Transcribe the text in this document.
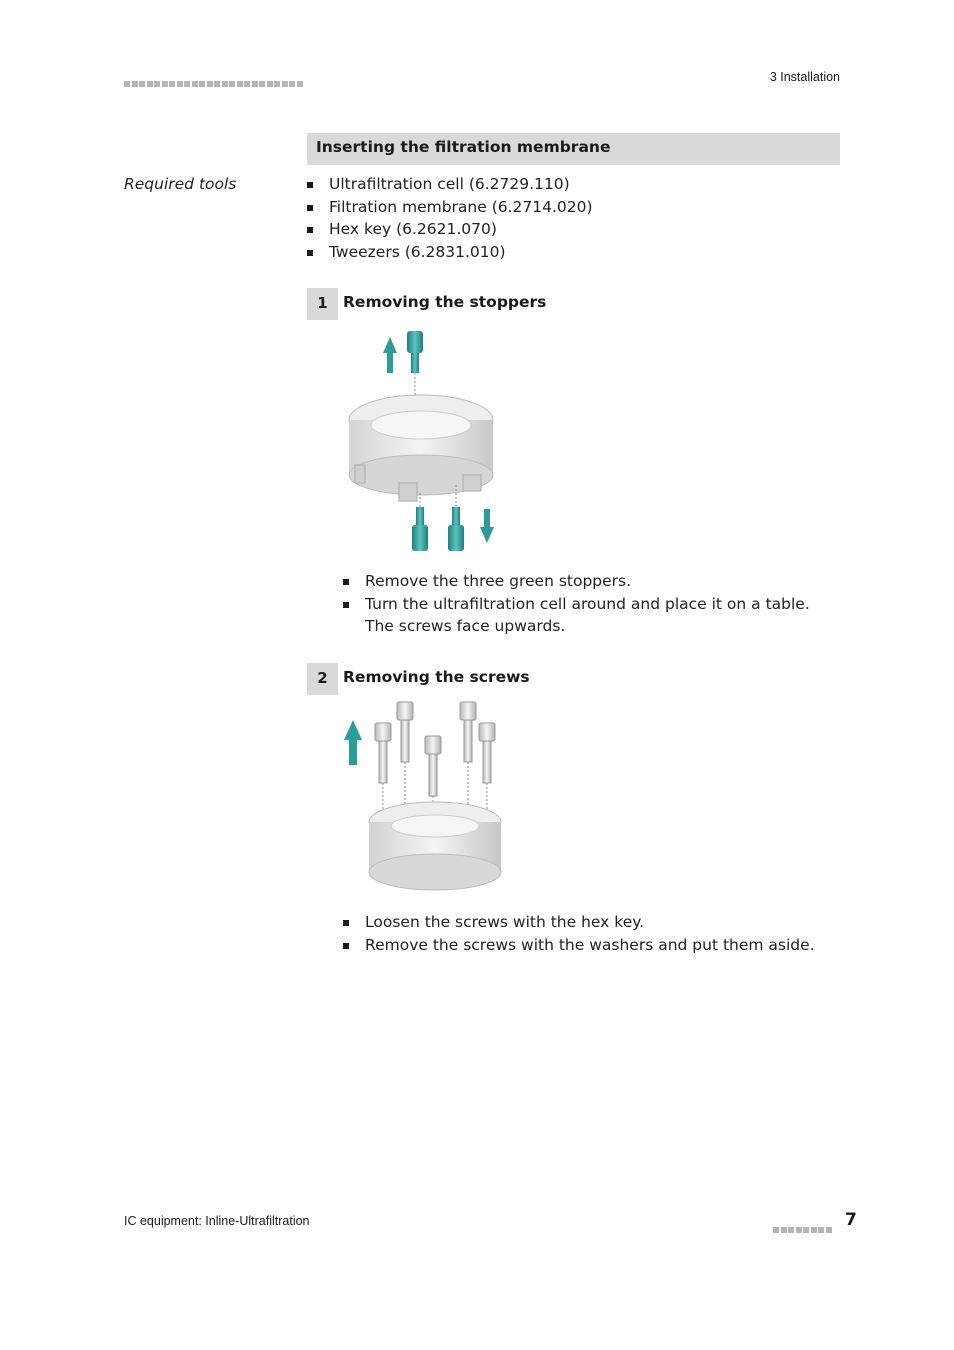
3 Installation
Inserting the filtration membrane
Required tools	Ultrafiltration cell (6.2729.110)
Filtration membrane (6.2714.020)
Hex key (6.2621.070)
Tweezers (6.2831.010)
1 Removing the stoppers
Remove the three green stoppers.
Turn the ultrafiltration cell around and place it on a table. The screws face upwards.
2 Removing the screws
Loosen the screws with the hex key.
Remove the screws with the washers and put them aside.
IC equipment: Inline-Ultrafiltration	7
